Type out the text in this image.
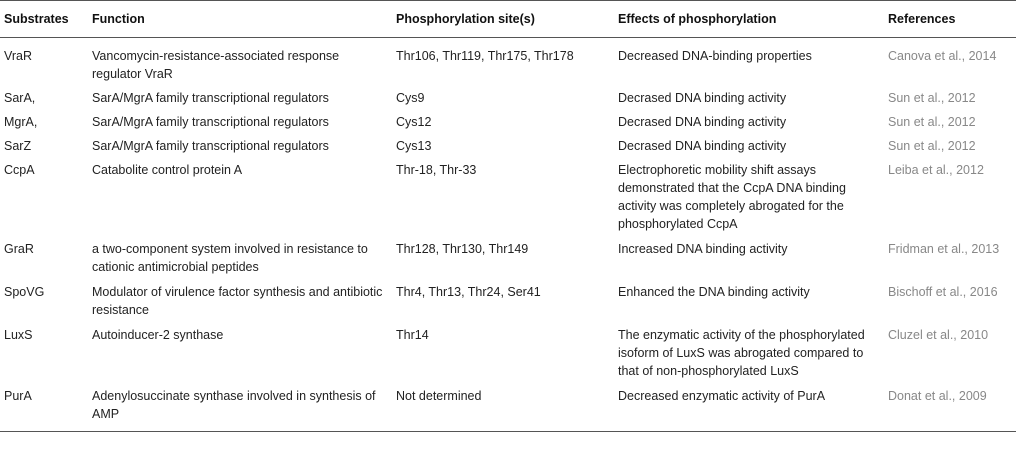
Substrates	Function	Phosphorylation site(s)	Effects of phosphorylation	References
VraR	Vancomycin-resistance-associated response regulator VraR	Thr106, Thr119, Thr175, Thr178	Decreased DNA-binding properties	Canova et al., 2014
SarA,	SarA/MgrA family transcriptional regulators	Cys9	Decrased DNA binding activity	Sun et al., 2012
MgrA,	SarA/MgrA family transcriptional regulators	Cys12	Decrased DNA binding activity	Sun et al., 2012
SarZ	SarA/MgrA family transcriptional regulators	Cys13	Decrased DNA binding activity	Sun et al., 2012
CcpA	Catabolite control protein A	Thr-18, Thr-33	Electrophoretic mobility shift assays demonstrated that the CcpA DNA binding activity was completely abrogated for the phosphorylated CcpA	Leiba et al., 2012
GraR	a two-component system involved in resistance to cationic antimicrobial peptides	Thr128, Thr130, Thr149	Increased DNA binding activity	Fridman et al., 2013
SpoVG	Modulator of virulence factor synthesis and antibiotic resistance	Thr4, Thr13, Thr24, Ser41	Enhanced the DNA binding activity	Bischoff et al., 2016
LuxS	Autoinducer-2 synthase	Thr14	The enzymatic activity of the phosphorylated isoform of LuxS was abrogated compared to that of non-phosphorylated LuxS	Cluzel et al., 2010
PurA	Adenylosuccinate synthase involved in synthesis of AMP	Not determined	Decreased enzymatic activity of PurA	Donat et al., 2009
